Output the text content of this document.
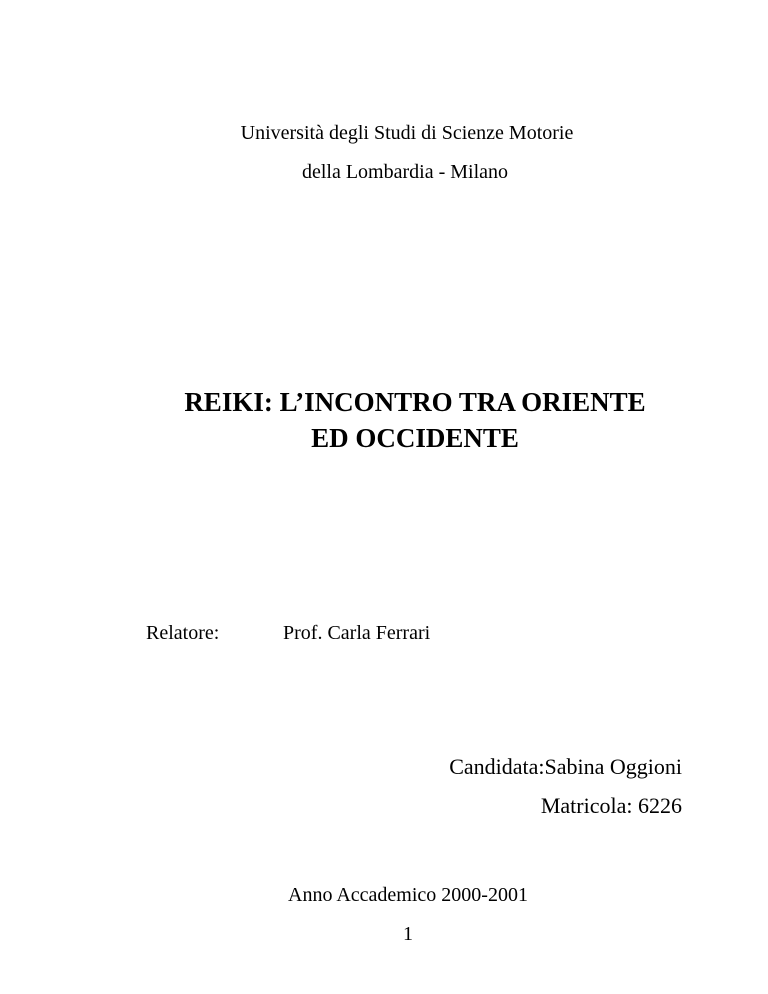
Università degli Studi di Scienze Motorie
della Lombardia - Milano
REIKI: L’INCONTRO TRA ORIENTE
ED OCCIDENTE
Relatore:	Prof. Carla Ferrari
Candidata:Sabina Oggioni
Matricola: 6226
Anno Accademico 2000-2001
1
